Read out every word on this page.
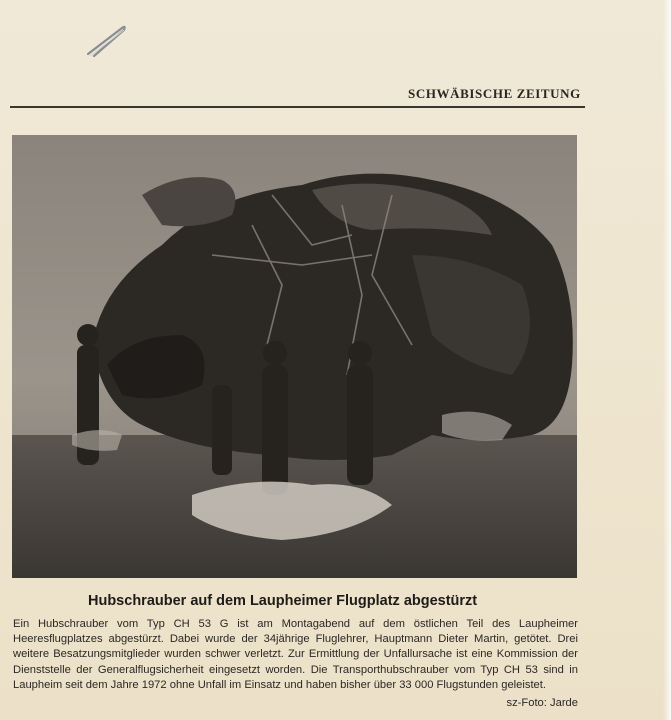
SCHWÄBISCHE ZEITUNG
Hubschrauber auf dem Laupheimer Flugplatz abgestürzt
Ein Hubschrauber vom Typ CH 53 G ist am Montagabend auf dem östlichen Teil des Laupheimer Heeresflugplatzes abgestürzt. Dabei wurde der 34jährige Fluglehrer, Hauptmann Dieter Martin, getötet. Drei weitere Besatzungsmitglieder wurden schwer verletzt. Zur Ermittlung der Unfallursache ist eine Kommission der Dienststelle der Generalflugsicherheit eingesetzt worden. Die Transporthubschrauber vom Typ CH 53 sind in Laupheim seit dem Jahre 1972 ohne Unfall im Einsatz und haben bisher über 33 000 Flugstunden geleistet.
sz-Foto: Jarde
